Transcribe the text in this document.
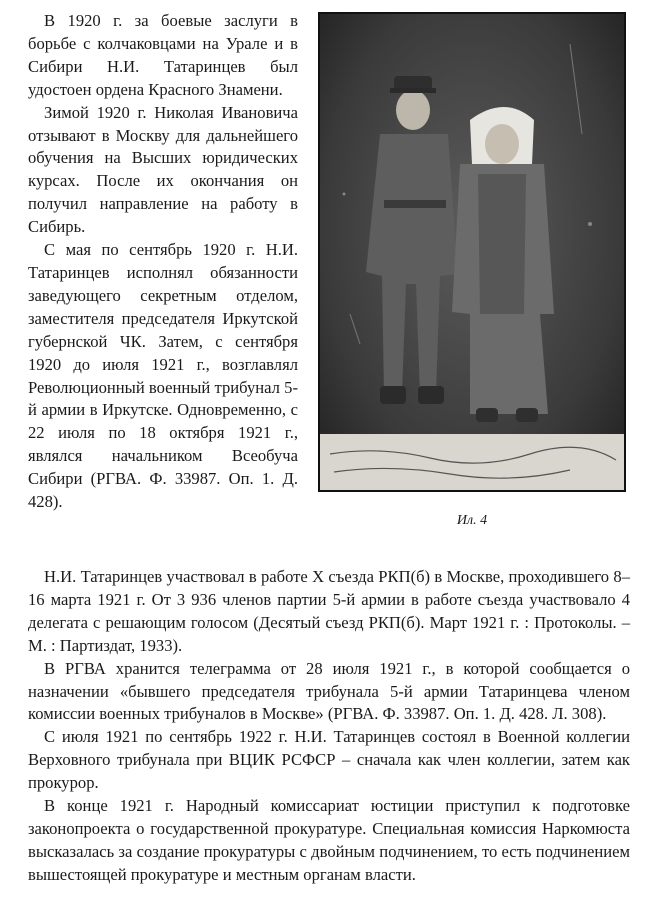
В 1920 г. за боевые заслуги в борьбе с колчаковцами на Урале и в Сибири Н.И. Татаринцев был удостоен ордена Красного Знамени.

Зимой 1920 г. Николая Ивановича отзывают в Москву для дальнейшего обучения на Высших юридических курсах. После их окончания он получил направление на работу в Сибирь.

С мая по сентябрь 1920 г. Н.И. Татаринцев исполнял обязанности заведующего секретным отделом, заместителя председателя Иркутской губернской ЧК. Затем, с сентября 1920 до июля 1921 г., возглавлял Революционный военный трибунал 5-й армии в Иркутске. Одновременно, с 22 июля по 18 октября 1921 г., являлся начальником Всеобуча Сибири (РГВА. Ф. 33987. Оп. 1. Д. 428).

Ил. 4

Н.И. Татаринцев участвовал в работе X съезда РКП(б) в Москве, проходившего 8–16 марта 1921 г. От 3 936 членов партии 5-й армии в работе съезда участвовало 4 делегата с решающим голосом (Десятый съезд РКП(б). Март 1921 г. : Протоколы. – М. : Партиздат, 1933).

В РГВА хранится телеграмма от 28 июля 1921 г., в которой сообщается о назначении «бывшего председателя трибунала 5-й армии Татаринцева членом комиссии военных трибуналов в Москве» (РГВА. Ф. 33987. Оп. 1. Д. 428. Л. 308).

С июля 1921 по сентябрь 1922 г. Н.И. Татаринцев состоял в Военной коллегии Верховного трибунала при ВЦИК РСФСР – сначала как член коллегии, затем как прокурор.

В конце 1921 г. Народный комиссариат юстиции приступил к подготовке законопроекта о государственной прокуратуре. Специальная комиссия Наркомюста высказалась за создание прокуратуры с двойным подчинением, то есть подчинением вышестоящей прокуратуре и местным органам власти.
